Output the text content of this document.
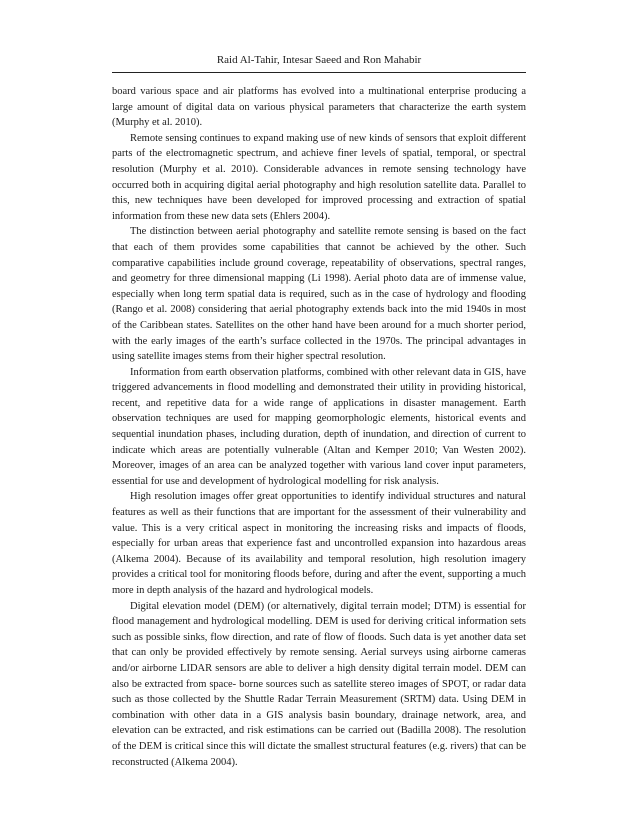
Raid Al-Tahir, Intesar Saeed and Ron Mahabir

board various space and air platforms has evolved into a multinational enterprise producing a large amount of digital data on various physical parameters that characterize the earth system (Murphy et al. 2010).

Remote sensing continues to expand making use of new kinds of sensors that exploit different parts of the electromagnetic spectrum, and achieve finer levels of spatial, temporal, or spectral resolution (Murphy et al. 2010). Considerable advances in remote sensing technology have occurred both in acquiring digital aerial photography and high resolution satellite data. Parallel to this, new techniques have been developed for improved processing and extraction of spatial information from these new data sets (Ehlers 2004).

The distinction between aerial photography and satellite remote sensing is based on the fact that each of them provides some capabilities that cannot be achieved by the other. Such comparative capabilities include ground coverage, repeatability of observations, spectral ranges, and geometry for three dimensional mapping (Li 1998). Aerial photo data are of immense value, especially when long term spatial data is required, such as in the case of hydrology and flooding (Rango et al. 2008) considering that aerial photography extends back into the mid 1940s in most of the Caribbean states. Satellites on the other hand have been around for a much shorter period, with the early images of the earth’s surface collected in the 1970s. The principal advantages in using satellite images stems from their higher spectral resolution.

Information from earth observation platforms, combined with other relevant data in GIS, have triggered advancements in flood modelling and demonstrated their utility in providing historical, recent, and repetitive data for a wide range of applications in disaster management. Earth observation techniques are used for mapping geomorphologic elements, historical events and sequential inundation phases, including duration, depth of inundation, and direction of current to indicate which areas are potentially vulnerable (Altan and Kemper 2010; Van Westen 2002). Moreover, images of an area can be analyzed together with various land cover input parameters, essential for use and development of hydrological modelling for risk analysis.

High resolution images offer great opportunities to identify individual structures and natural features as well as their functions that are important for the assessment of their vulnerability and value. This is a very critical aspect in monitoring the increasing risks and impacts of floods, especially for urban areas that experience fast and uncontrolled expansion into hazardous areas (Alkema 2004). Because of its availability and temporal resolution, high resolution imagery provides a critical tool for monitoring floods before, during and after the event, supporting a much more in depth analysis of the hazard and hydrological models.

Digital elevation model (DEM) (or alternatively, digital terrain model; DTM) is essential for flood management and hydrological modelling. DEM is used for deriving critical information sets such as possible sinks, flow direction, and rate of flow of floods. Such data is yet another data set that can only be provided effectively by remote sensing. Aerial surveys using airborne cameras and/or airborne LIDAR sensors are able to deliver a high density digital terrain model. DEM can also be extracted from space- borne sources such as satellite stereo images of SPOT, or radar data such as those collected by the Shuttle Radar Terrain Measurement (SRTM) data. Using DEM in combination with other data in a GIS analysis basin boundary, drainage network, area, and elevation can be extracted, and risk estimations can be carried out (Badilla 2008). The resolution of the DEM is critical since this will dictate the smallest structural features (e.g. rivers) that can be reconstructed (Alkema 2004).
